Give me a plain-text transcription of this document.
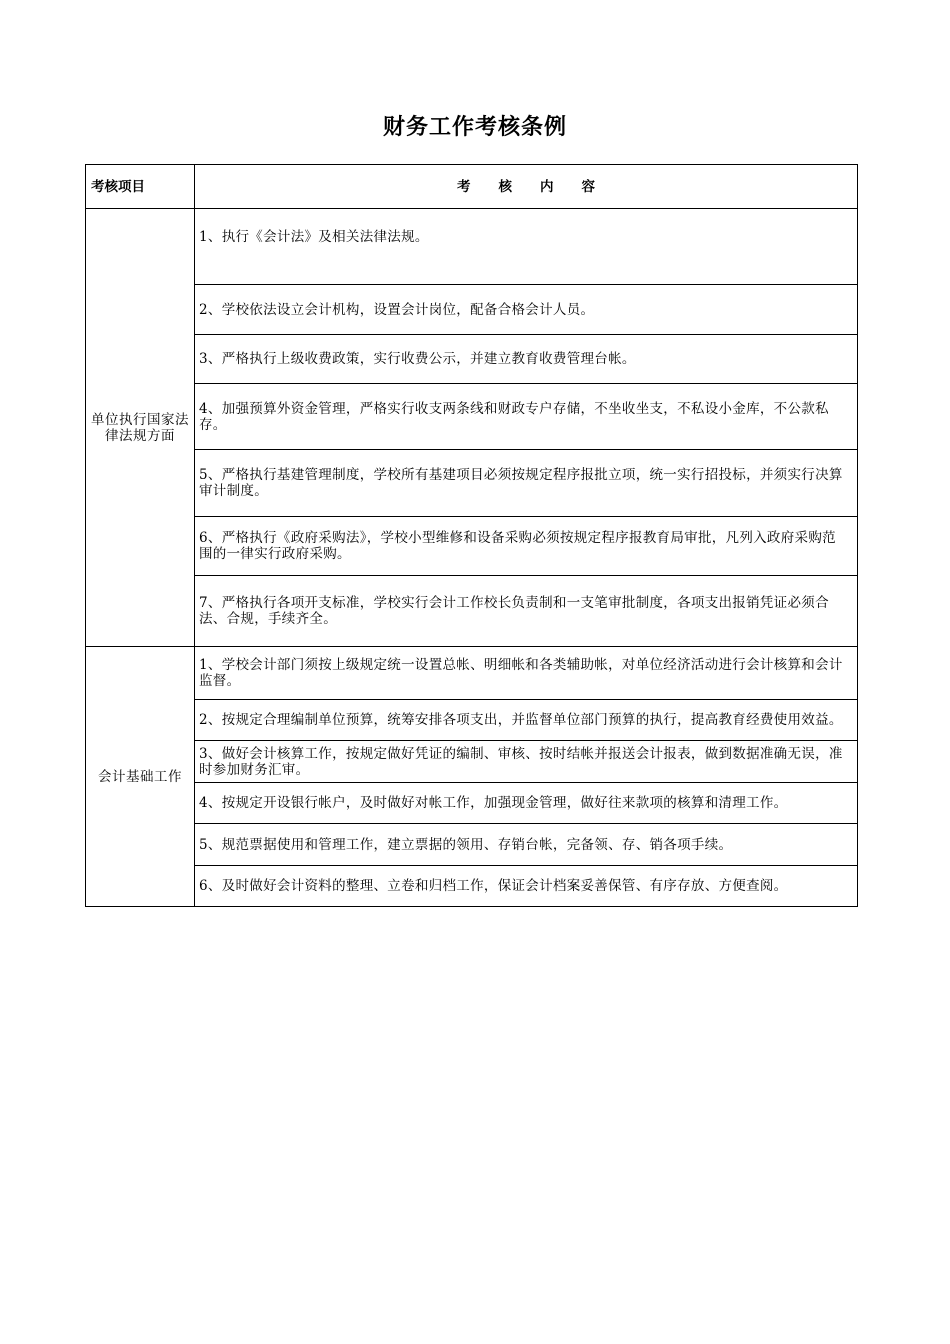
财务工作考核条例
考核项目	考核内容
单位执行国家法律法规方面	1、执行《会计法》及相关法律法规。
	2、学校依法设立会计机构，设置会计岗位，配备合格会计人员。
	3、严格执行上级收费政策，实行收费公示，并建立教育收费管理台帐。
	4、加强预算外资金管理，严格实行收支两条线和财政专户存储，不坐收坐支，不私设小金库，不公款私存。
	5、严格执行基建管理制度，学校所有基建项目必须按规定程序报批立项，统一实行招投标，并须实行决算审计制度。
	6、严格执行《政府采购法》，学校小型维修和设备采购必须按规定程序报教育局审批，凡列入政府采购范围的一律实行政府采购。
	7、严格执行各项开支标准，学校实行会计工作校长负责制和一支笔审批制度，各项支出报销凭证必须合法、合规，手续齐全。
会计基础工作	1、学校会计部门须按上级规定统一设置总帐、明细帐和各类辅助帐，对单位经济活动进行会计核算和会计监督。
	2、按规定合理编制单位预算，统筹安排各项支出，并监督单位部门预算的执行，提高教育经费使用效益。
	3、做好会计核算工作，按规定做好凭证的编制、审核、按时结帐并报送会计报表，做到数据准确无误，准时参加财务汇审。
	4、按规定开设银行帐户，及时做好对帐工作，加强现金管理，做好往来款项的核算和清理工作。
	5、规范票据使用和管理工作，建立票据的领用、存销台帐，完备领、存、销各项手续。
	6、及时做好会计资料的整理、立卷和归档工作，保证会计档案妥善保管、有序存放、方便查阅。
